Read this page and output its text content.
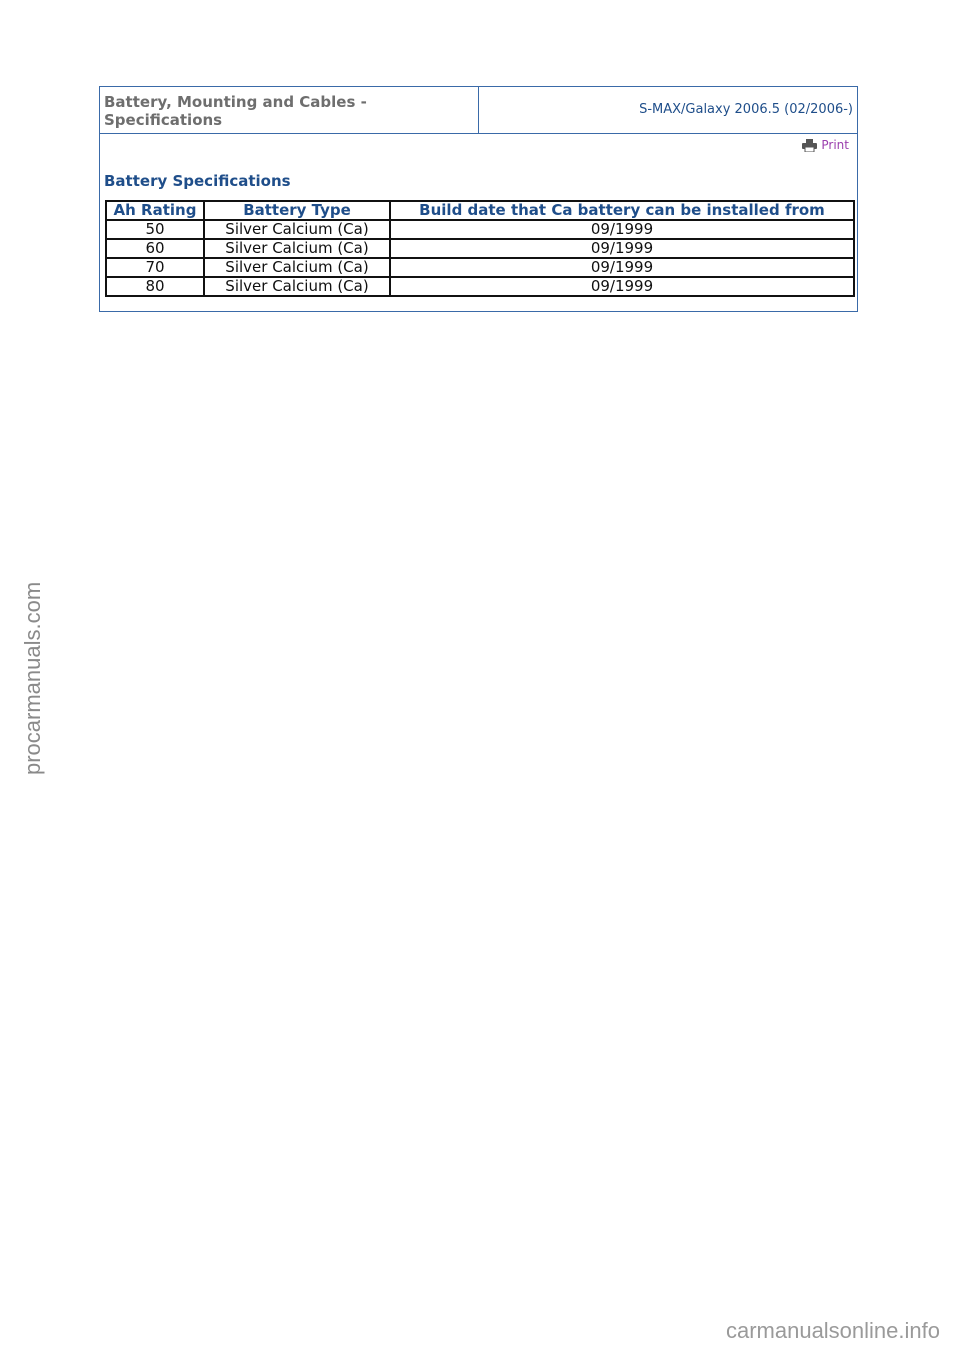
Battery, Mounting and Cables -
Specifications
S-MAX/Galaxy 2006.5 (02/2006-)
Print
Battery Specifications
Ah Rating	Battery Type	Build date that Ca battery can be installed from
50	Silver Calcium (Ca)	09/1999
60	Silver Calcium (Ca)	09/1999
70	Silver Calcium (Ca)	09/1999
80	Silver Calcium (Ca)	09/1999
procarmanuals.com
carmanualsonline.info
